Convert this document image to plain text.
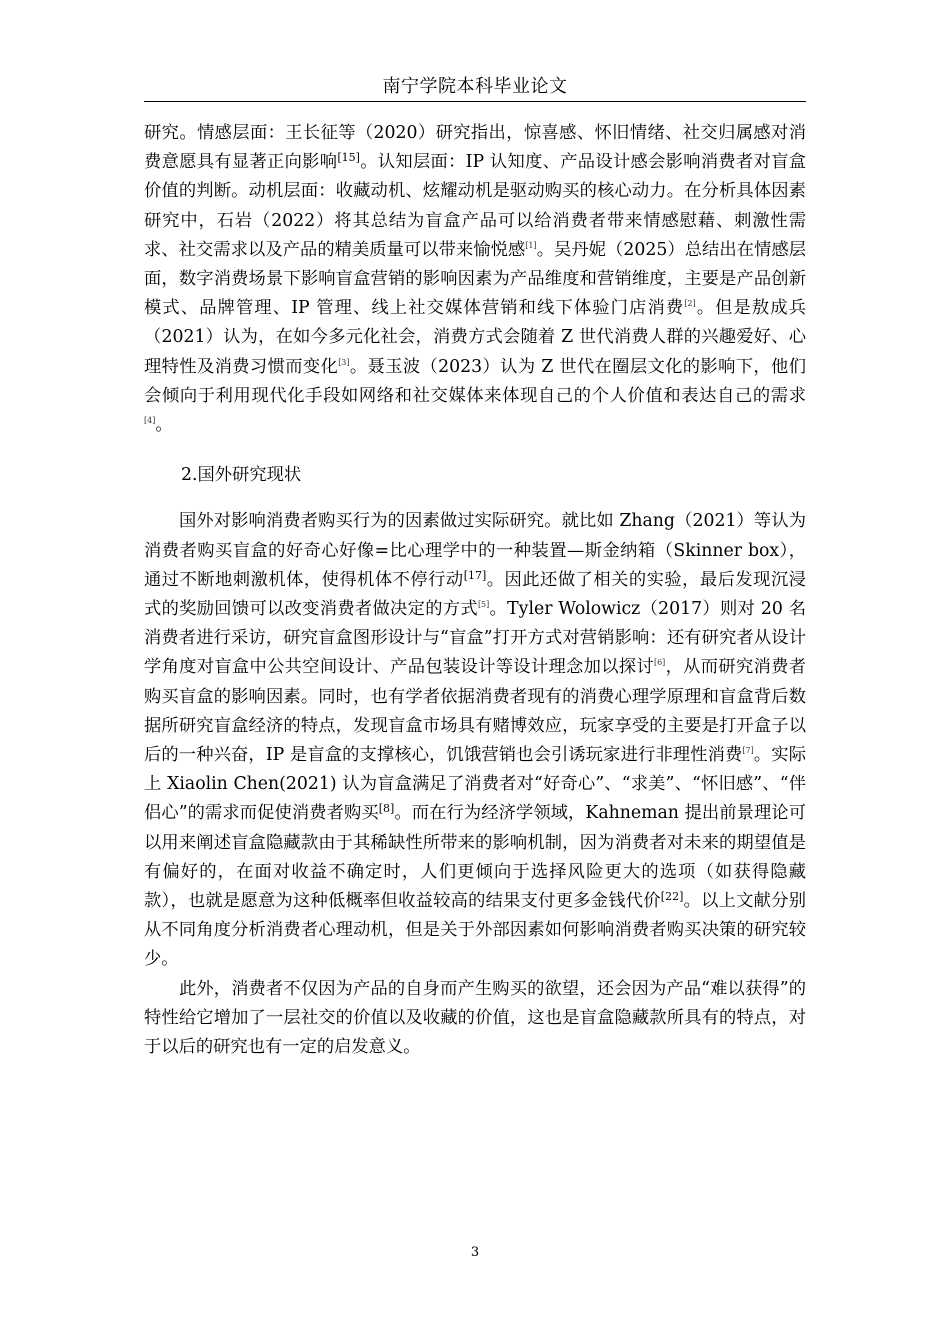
南宁学院本科毕业论文

研究。情感层面：王长征等（2020）研究指出，惊喜感、怀旧情绪、社交归属感对消费意愿具有显著正向影响[15]。认知层面：IP 认知度、产品设计感会影响消费者对盲盒价值的判断。动机层面：收藏动机、炫耀动机是驱动购买的核心动力。在分析具体因素研究中，石岩（2022）将其总结为盲盒产品可以给消费者带来情感慰藉、刺激性需求、社交需求以及产品的精美质量可以带来愉悦感[1]。吴丹妮（2025）总结出在情感层面，数字消费场景下影响盲盒营销的影响因素为产品维度和营销维度，主要是产品创新模式、品牌管理、IP 管理、线上社交媒体营销和线下体验门店消费[2]。但是敖成兵（2021）认为，在如今多元化社会，消费方式会随着 Z 世代消费人群的兴趣爱好、心理特性及消费习惯而变化[3]。聂玉波（2023）认为 Z 世代在圈层文化的影响下，他们会倾向于利用现代化手段如网络和社交媒体来体现自己的个人价值和表达自己的需求[4]。

2.国外研究现状

国外对影响消费者购买行为的因素做过实际研究。就比如 Zhang（2021）等认为消费者购买盲盒的好奇心好像=比心理学中的一种装置—斯金纳箱（Skinner box），通过不断地刺激机体，使得机体不停行动[17]。因此还做了相关的实验，最后发现沉浸式的奖励回馈可以改变消费者做决定的方式[5]。Tyler Wolowicz（2017）则对 20 名消费者进行采访，研究盲盒图形设计与“盲盒”打开方式对营销影响：还有研究者从设计学角度对盲盒中公共空间设计、产品包装设计等设计理念加以探讨[6]，从而研究消费者购买盲盒的影响因素。同时，也有学者依据消费者现有的消费心理学原理和盲盒背后数据所研究盲盒经济的特点，发现盲盒市场具有赌博效应，玩家享受的主要是打开盒子以后的一种兴奋，IP 是盲盒的支撑核心，饥饿营销也会引诱玩家进行非理性消费[7]。实际上 Xiaolin Chen(2021) 认为盲盒满足了消费者对“好奇心”、“求美”、“怀旧感”、“伴侣心”的需求而促使消费者购买[8]。而在行为经济学领域，Kahneman 提出前景理论可以用来阐述盲盒隐藏款由于其稀缺性所带来的影响机制，因为消费者对未来的期望值是有偏好的，在面对收益不确定时，人们更倾向于选择风险更大的选项（如获得隐藏款），也就是愿意为这种低概率但收益较高的结果支付更多金钱代价[22]。以上文献分别从不同角度分析消费者心理动机，但是关于外部因素如何影响消费者购买决策的研究较少。

此外，消费者不仅因为产品的自身而产生购买的欲望，还会因为产品“难以获得”的特性给它增加了一层社交的价值以及收藏的价值，这也是盲盒隐藏款所具有的特点，对于以后的研究也有一定的启发意义。

3
